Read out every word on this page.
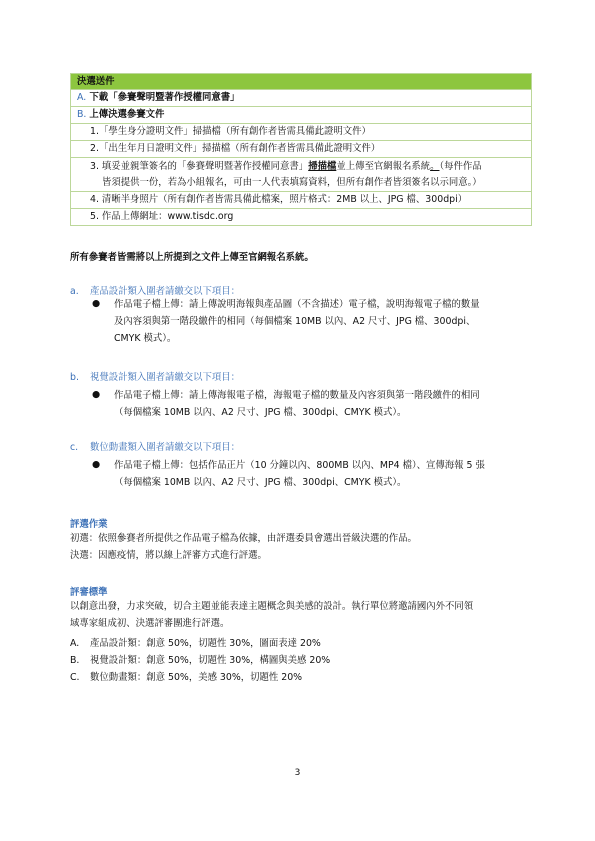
決選送件
A. 下載「參賽聲明暨著作授權同意書」
B. 上傳決選參賽文件
1.「學生身分證明文件」掃描檔（所有創作者皆需具備此證明文件）
2.「出生年月日證明文件」掃描檔（所有創作者皆需具備此證明文件）
3. 填妥並親筆簽名的「參賽聲明暨著作授權同意書」掃描檔並上傳至官網報名系統。（每件作品
皆須提供一份，若為小組報名，可由一人代表填寫資料，但所有創作者皆須簽名以示同意。）
4. 清晰半身照片（所有創作者皆需具備此檔案，照片格式：2MB 以上、JPG 檔、300dpi）
5. 作品上傳網址：www.tisdc.org
所有參賽者皆需將以上所提到之文件上傳至官網報名系統。
a. 產品設計類入圍者請繳交以下項目：
●	作品電子檔上傳：請上傳說明海報與產品圖（不含描述）電子檔，說明海報電子檔的數量
及內容須與第一階段繳件的相同（每個檔案 10MB 以內、A2 尺寸、JPG 檔、300dpi、
CMYK 模式）。
b. 視覺設計類入圍者請繳交以下項目：
●	作品電子檔上傳：請上傳海報電子檔，海報電子檔的數量及內容須與第一階段繳件的相同
（每個檔案 10MB 以內、A2 尺寸、JPG 檔、300dpi、CMYK 模式）。
c. 數位動畫類入圍者請繳交以下項目：
●	作品電子檔上傳：包括作品正片（10 分鐘以內、800MB 以內、MP4 檔）、宣傳海報 5 張
（每個檔案 10MB 以內、A2 尺寸、JPG 檔、300dpi、CMYK 模式）。
評選作業
初選：依照參賽者所提供之作品電子檔為依據，由評選委員會選出晉級決選的作品。
決選：因應疫情，將以線上評審方式進行評選。
評審標準
以創意出發，力求突破，切合主題並能表達主題概念與美感的設計。執行單位將邀請國內外不同領
域專家組成初、決選評審團進行評選。
A. 產品設計類：創意 50%，切題性 30%，圖面表達 20%
B. 視覺設計類：創意 50%，切題性 30%，構圖與美感 20%
C. 數位動畫類：創意 50%，美感 30%，切題性 20%
3
